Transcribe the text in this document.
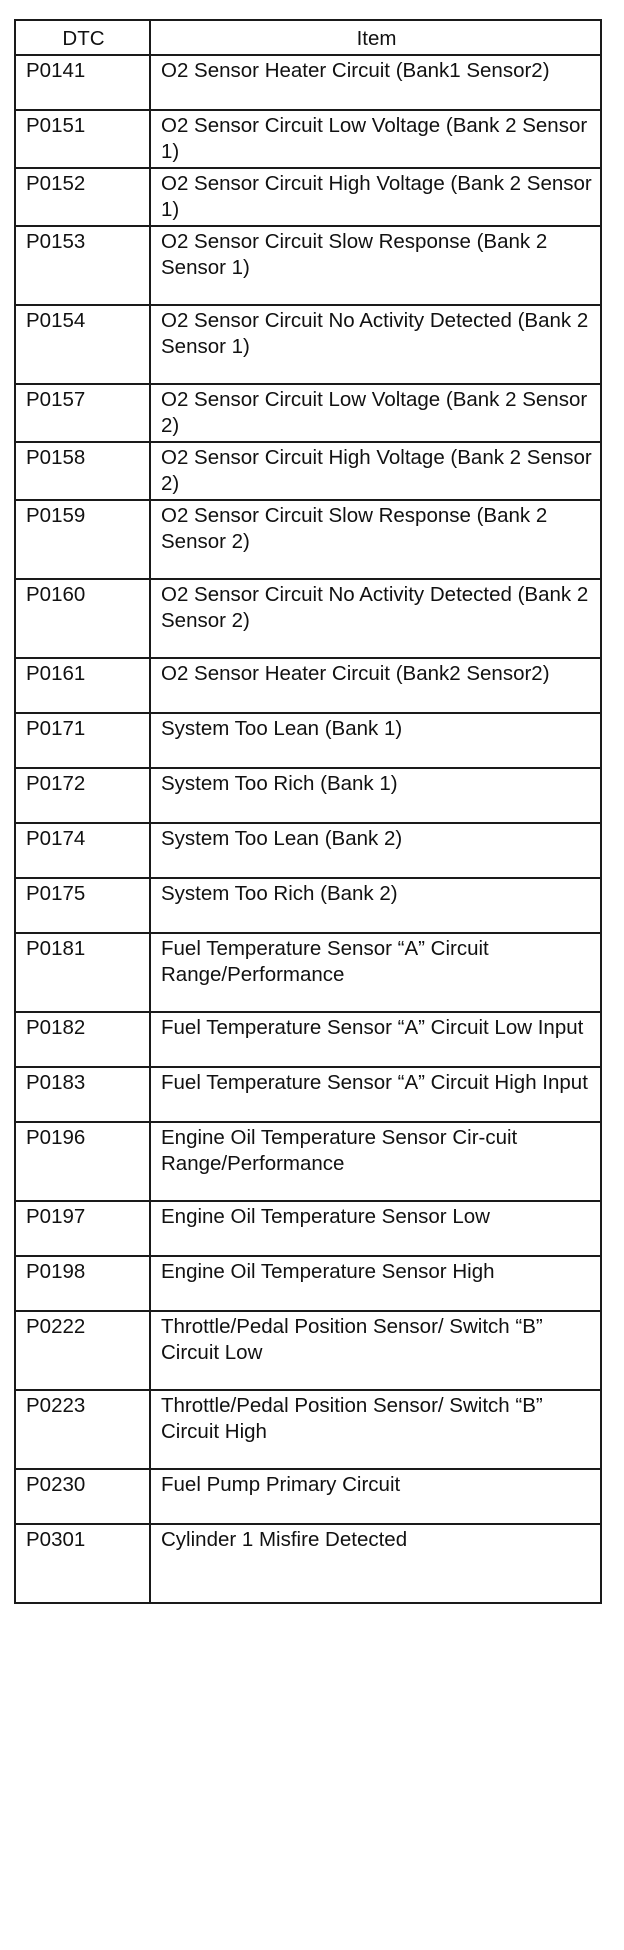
DTC	Item
P0141	O2 Sensor Heater Circuit (Bank1 Sensor2)
P0151	O2 Sensor Circuit Low Voltage (Bank 2 Sensor 1)
P0152	O2 Sensor Circuit High Voltage (Bank 2 Sensor 1)
P0153	O2 Sensor Circuit Slow Response (Bank 2 Sensor 1)
P0154	O2 Sensor Circuit No Activity Detected (Bank 2 Sensor 1)
P0157	O2 Sensor Circuit Low Voltage (Bank 2 Sensor 2)
P0158	O2 Sensor Circuit High Voltage (Bank 2 Sensor 2)
P0159	O2 Sensor Circuit Slow Response (Bank 2 Sensor 2)
P0160	O2 Sensor Circuit No Activity Detected (Bank 2 Sensor 2)
P0161	O2 Sensor Heater Circuit (Bank2 Sensor2)
P0171	System Too Lean (Bank 1)
P0172	System Too Rich (Bank 1)
P0174	System Too Lean (Bank 2)
P0175	System Too Rich (Bank 2)
P0181	Fuel Temperature Sensor “A” Circuit Range/Performance
P0182	Fuel Temperature Sensor “A” Circuit Low Input
P0183	Fuel Temperature Sensor “A” Circuit High Input
P0196	Engine Oil Temperature Sensor Cir-cuit Range/Performance
P0197	Engine Oil Temperature Sensor Low
P0198	Engine Oil Temperature Sensor High
P0222	Throttle/Pedal Position Sensor/ Switch “B” Circuit Low
P0223	Throttle/Pedal Position Sensor/ Switch “B” Circuit High
P0230	Fuel Pump Primary Circuit
P0301	Cylinder 1 Misfire Detected
